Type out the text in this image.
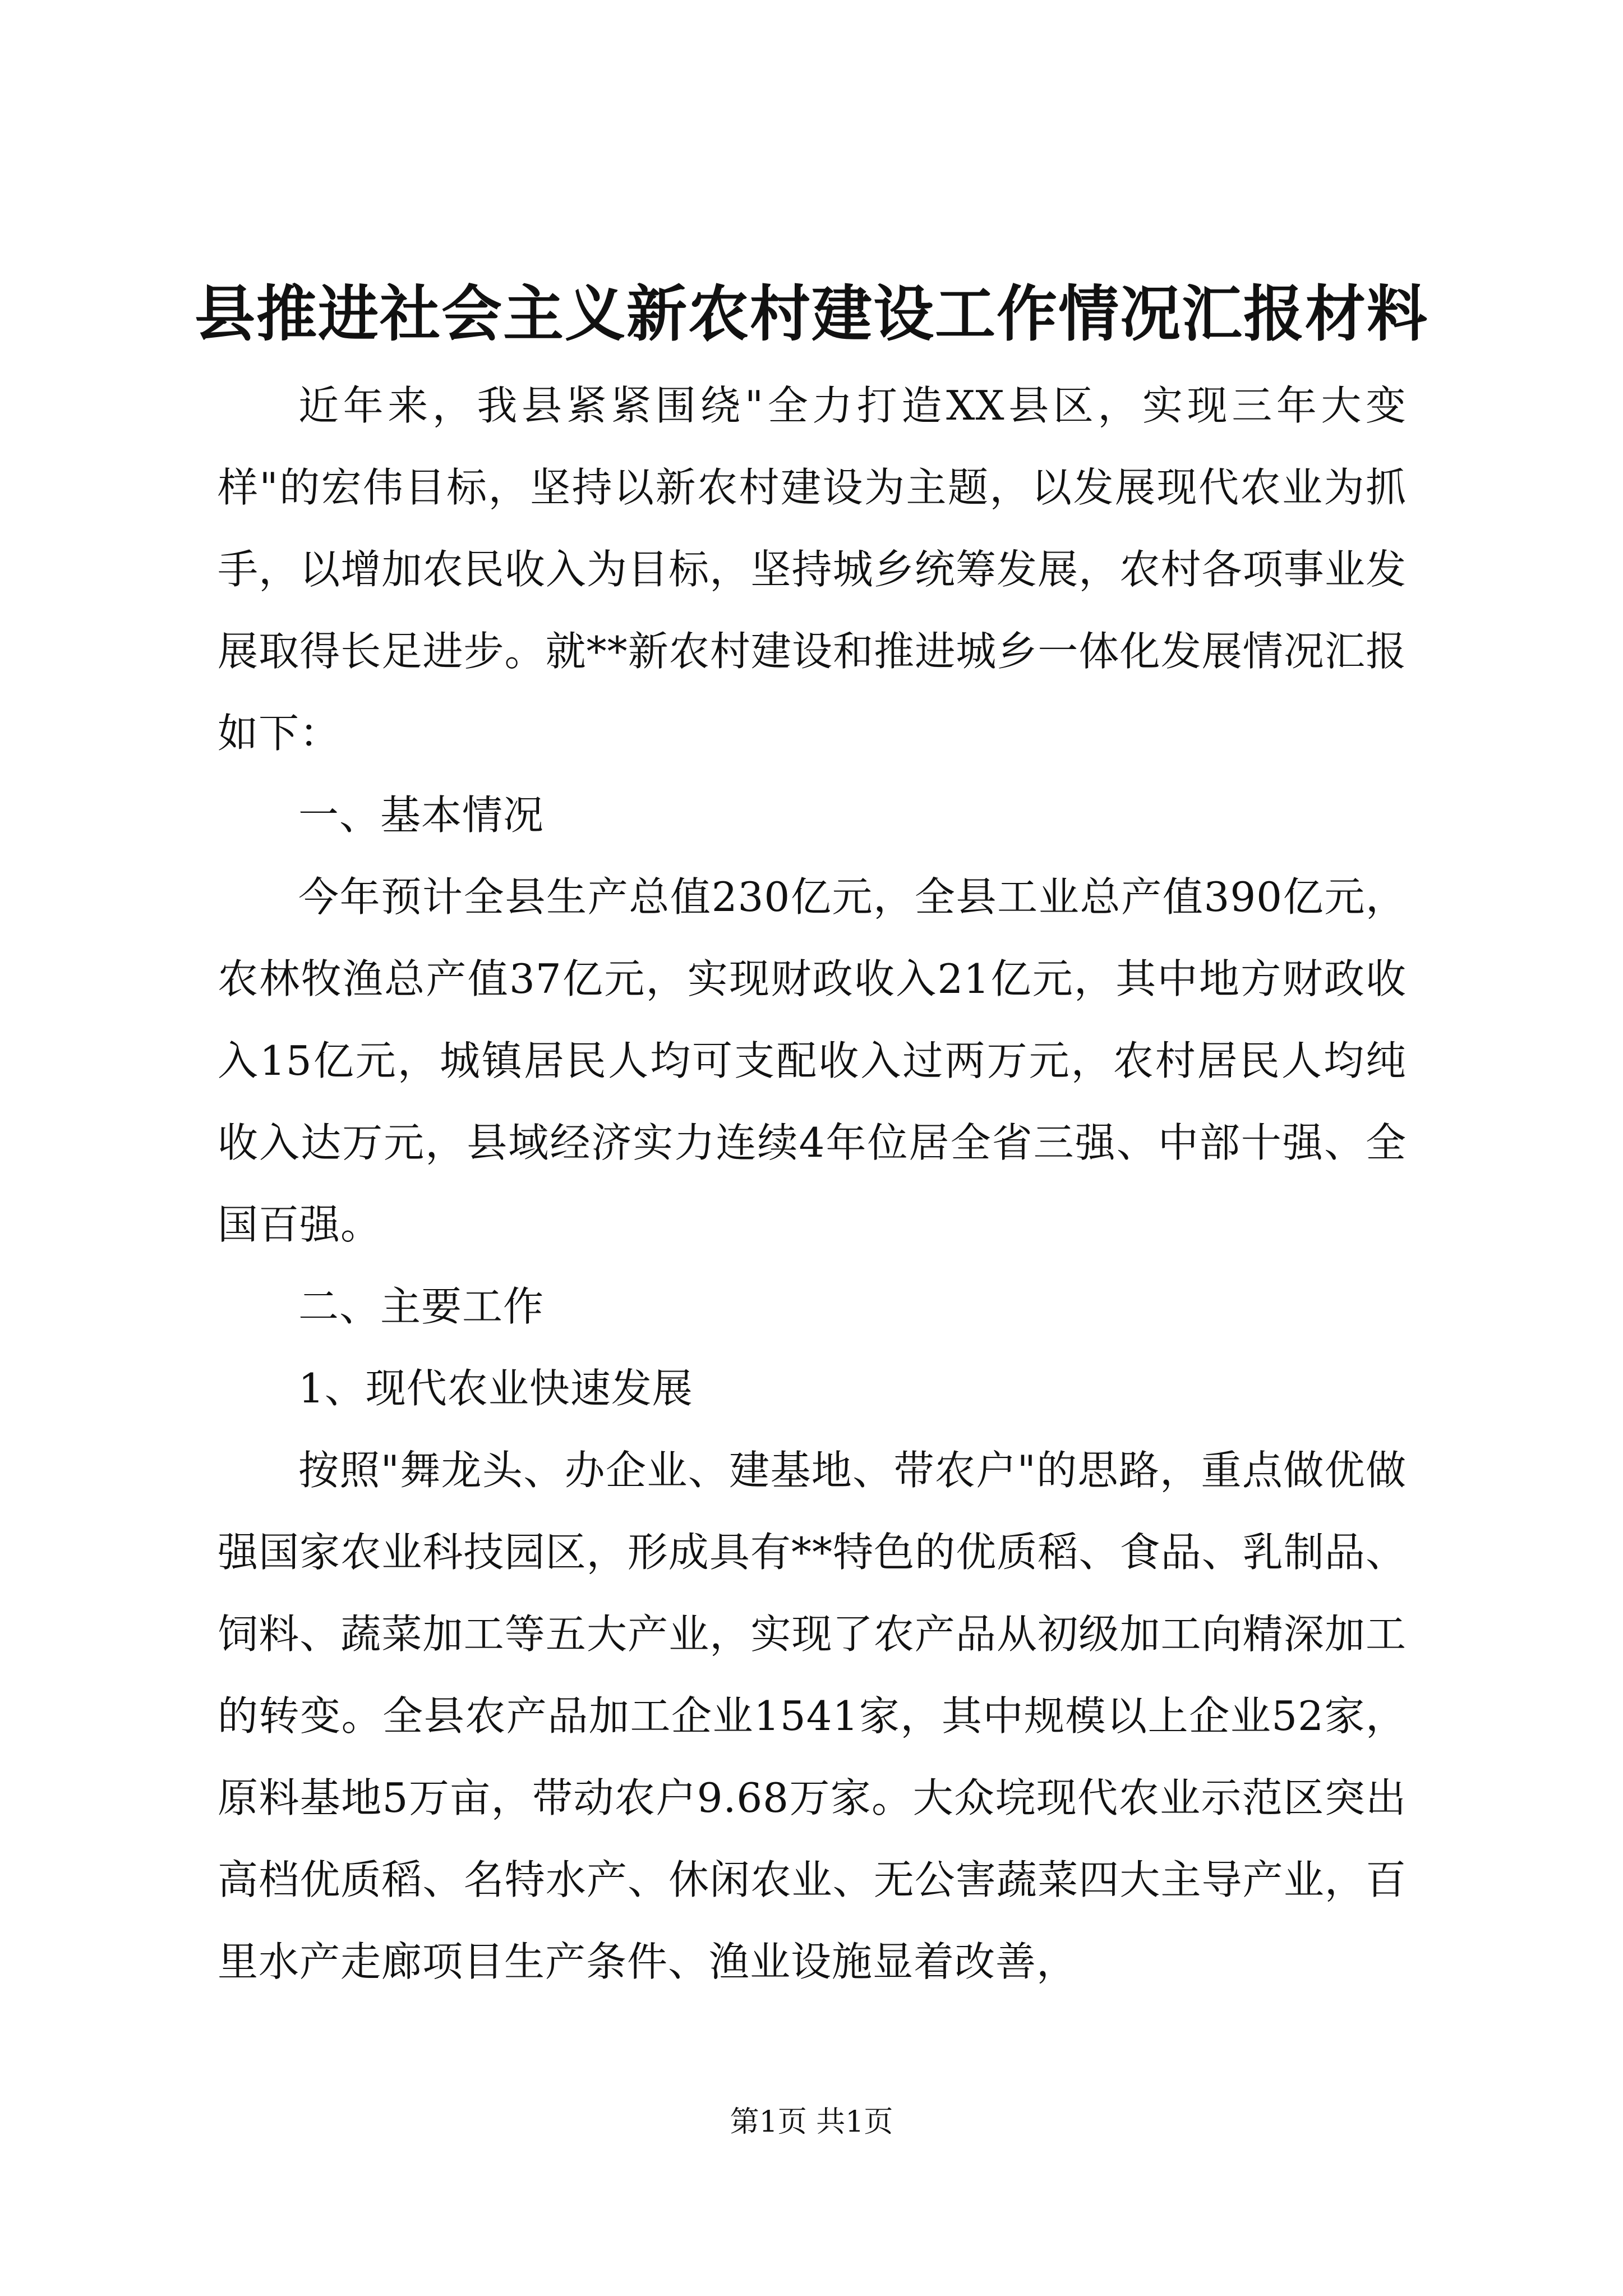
县推进社会主义新农村建设工作情况汇报材料

近年来，我县紧紧围绕"全力打造XX县区，实现三年大变样"的宏伟目标，坚持以新农村建设为主题，以发展现代农业为抓手，以增加农民收入为目标，坚持城乡统筹发展，农村各项事业发展取得长足进步。就**新农村建设和推进城乡一体化发展情况汇报如下：

一、基本情况

今年预计全县生产总值230亿元，全县工业总产值390亿元，农林牧渔总产值37亿元，实现财政收入21亿元，其中地方财政收入15亿元，城镇居民人均可支配收入过两万元，农村居民人均纯收入达万元，县域经济实力连续4年位居全省三强、中部十强、全国百强。

二、主要工作

1、现代农业快速发展

按照"舞龙头、办企业、建基地、带农户"的思路，重点做优做强国家农业科技园区，形成具有**特色的优质稻、食品、乳制品、饲料、蔬菜加工等五大产业，实现了农产品从初级加工向精深加工的转变。全县农产品加工企业1541家，其中规模以上企业52家，原料基地5万亩，带动农户9.68万家。大众垸现代农业示范区突出高档优质稻、名特水产、休闲农业、无公害蔬菜四大主导产业，百里水产走廊项目生产条件、渔业设施显着改善，

第1页 共1页
